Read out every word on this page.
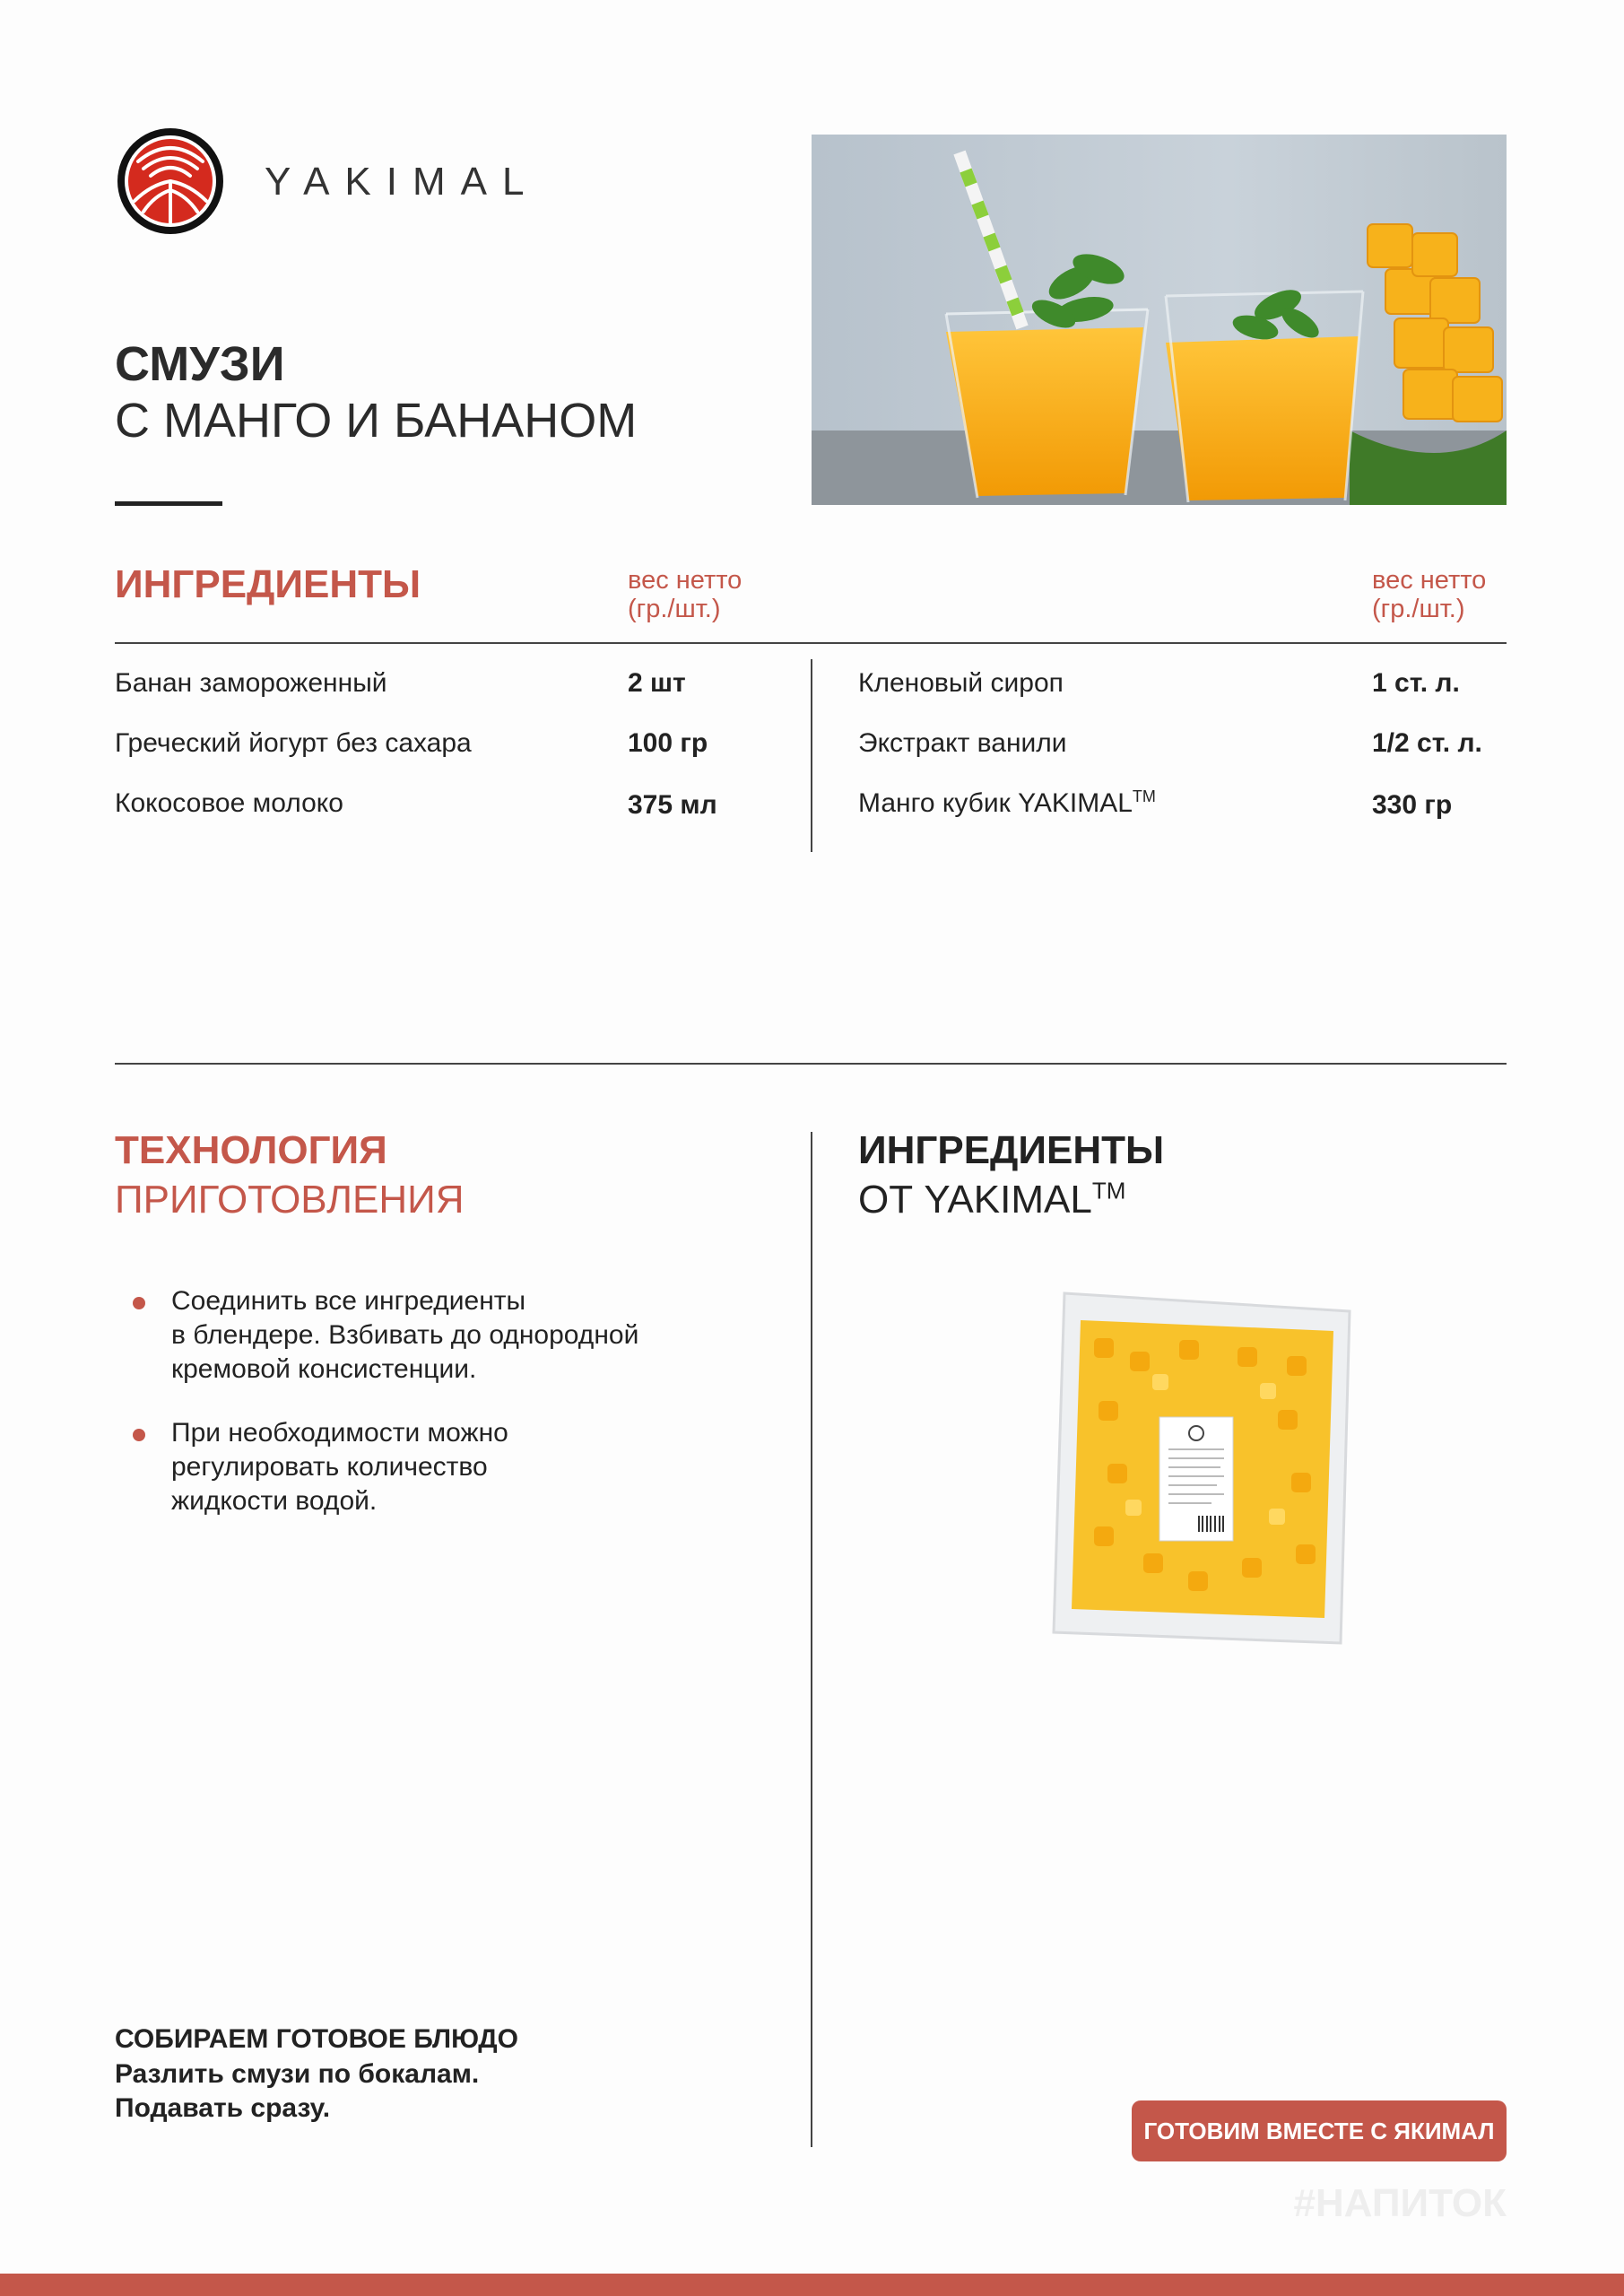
YAKIMAL
СМУЗИ
С МАНГО И БАНАНОМ
ИНГРЕДИЕНТЫ	вес нетто
(гр./шт.)
вес нетто
(гр./шт.)
Банан замороженный	2 шт
Греческий йогурт без сахара	100 гр
Кокосовое молоко	375 мл
Кленовый сироп	1 ст. л.
Экстракт ванили	1/2 ст. л.
Манго кубик YAKIMAL™	330 гр
ТЕХНОЛОГИЯ
ПРИГОТОВЛЕНИЯ
Соединить все ингредиенты
в блендере. Взбивать до однородной
кремовой консистенции.
При необходимости можно
регулировать количество
жидкости водой.
ИНГРЕДИЕНТЫ
ОТ YAKIMAL™
СОБИРАЕМ ГОТОВОЕ БЛЮДО
Разлить смузи по бокалам.
Подавать сразу.
ГОТОВИМ ВМЕСТЕ С ЯКИМАЛ
#НАПИТОК
